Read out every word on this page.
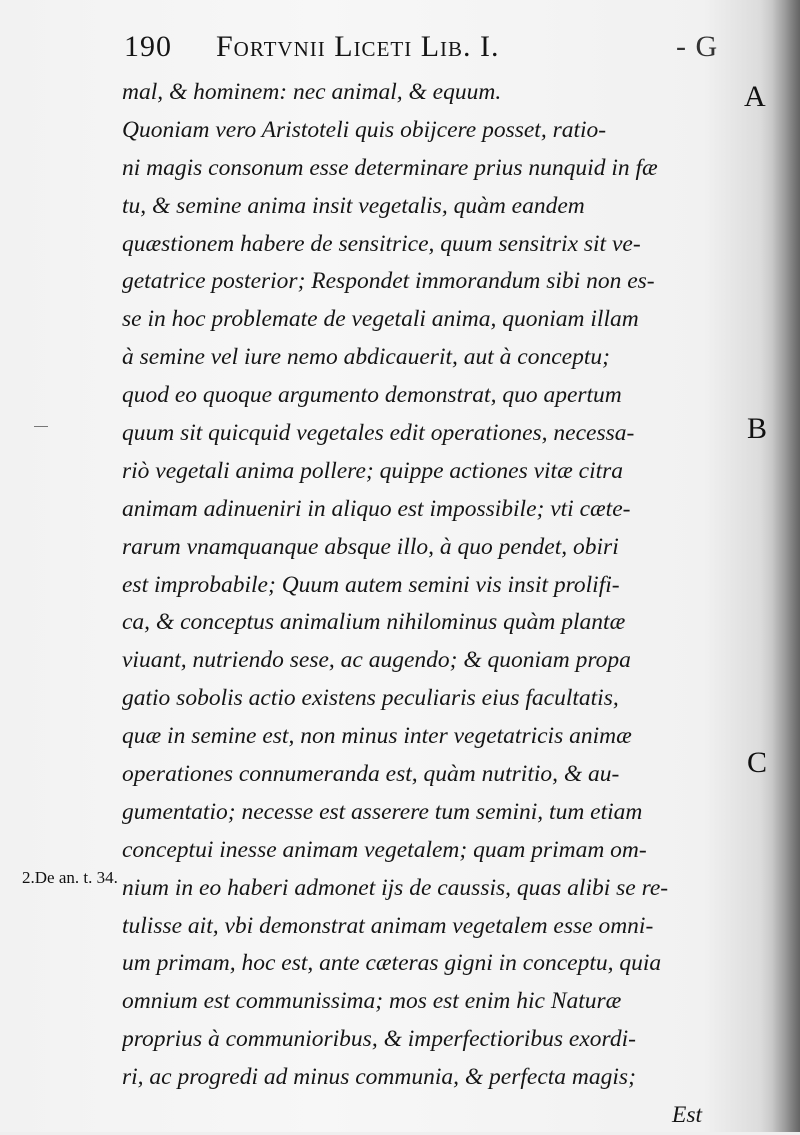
190 Fortvnii Liceti Lib. I.	- G
A
B
C
2.De an. t. 34.
mal, & hominem: nec animal, & equum.
Quoniam vero Aristoteli quis obijcere posset, ratio-
ni magis consonum esse determinare prius nunquid in fæ
tu, & semine anima insit vegetalis, quàm eandem
quæstionem habere de sensitrice, quum sensitrix sit ve-
getatrice posterior; Respondet immorandum sibi non es-
se in hoc problemate de vegetali anima, quoniam illam
à semine vel iure nemo abdicauerit, aut à conceptu;
quod eo quoque argumento demonstrat, quo apertum
quum sit quicquid vegetales edit operationes, necessa-
riò vegetali anima pollere; quippe actiones vitæ citra
animam adinueniri in aliquo est impossibile; vti cæte-
rarum vnamquanque absque illo, à quo pendet, obiri
est improbabile; Quum autem semini vis insit prolifi-
ca, & conceptus animalium nihilominus quàm plantæ
viuant, nutriendo sese, ac augendo; & quoniam propa
gatio sobolis actio existens peculiaris eius facultatis,
quæ in semine est, non minus inter vegetatricis animæ
operationes connumeranda est, quàm nutritio, & au-
gumentatio; necesse est asserere tum semini, tum etiam
conceptui inesse animam vegetalem; quam primam om-
nium in eo haberi admonet ijs de caussis, quas alibi se re-
tulisse ait, vbi demonstrat animam vegetalem esse omni-
um primam, hoc est, ante cæteras gigni in conceptu, quia
omnium est communissima; mos est enim hic Naturæ
proprius à communioribus, & imperfectioribus exordi-
ri, ac progredi ad minus communia, & perfecta magis;
Est
